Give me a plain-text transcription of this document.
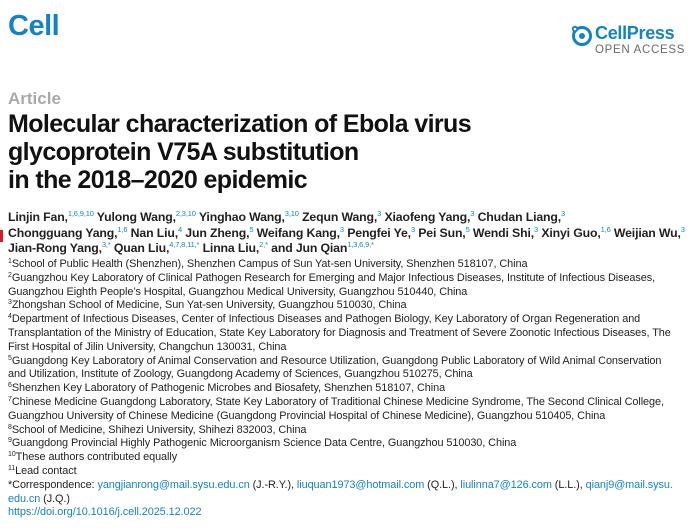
Cell	CellPress
OPEN ACCESS
Article
Molecular characterization of Ebola virus
glycoprotein V75A substitution
in the 2018–2020 epidemic
Linjin Fan,$^{1,6,9,10}$ Yulong Wang,$^{2,3,10}$ Yinghao Wang,$^{3,10}$ Zequn Wang,$^3$ Xiaofeng Yang,$^3$ Chudan Liang,$^3$
Chongguang Yang,$^{1,6}$ Nan Liu,$^4$ Jun Zheng,$^5$ Weifang Kang,$^3$ Pengfei Ye,$^3$ Pei Sun,$^5$ Wendi Shi,$^3$ Xinyi Guo,$^{1,6}$ Weijian Wu,$^3$
Jian-Rong Yang,$^{3,*}$ Quan Liu,$^{4,7,8,11,*}$ Linna Liu,$^{2,*}$ and Jun Qian$^{1,3,6,9,*}$
$^1$School of Public Health (Shenzhen), Shenzhen Campus of Sun Yat-sen University, Shenzhen 518107, China
$^2$Guangzhou Key Laboratory of Clinical Pathogen Research for Emerging and Major Infectious Diseases, Institute of Infectious Diseases,
Guangzhou Eighth People’s Hospital, Guangzhou Medical University, Guangzhou 510440, China
$^3$Zhongshan School of Medicine, Sun Yat-sen University, Guangzhou 510030, China
$^4$Department of Infectious Diseases, Center of Infectious Diseases and Pathogen Biology, Key Laboratory of Organ Regeneration and
Transplantation of the Ministry of Education, State Key Laboratory for Diagnosis and Treatment of Severe Zoonotic Infectious Diseases, The
First Hospital of Jilin University, Changchun 130031, China
$^5$Guangdong Key Laboratory of Animal Conservation and Resource Utilization, Guangdong Public Laboratory of Wild Animal Conservation
and Utilization, Institute of Zoology, Guangdong Academy of Sciences, Guangzhou 510275, China
$^6$Shenzhen Key Laboratory of Pathogenic Microbes and Biosafety, Shenzhen 518107, China
$^7$Chinese Medicine Guangdong Laboratory, State Key Laboratory of Traditional Chinese Medicine Syndrome, The Second Clinical College,
Guangzhou University of Chinese Medicine (Guangdong Provincial Hospital of Chinese Medicine), Guangzhou 510405, China
$^8$School of Medicine, Shihezi University, Shihezi 832003, China
$^9$Guangdong Provincial Highly Pathogenic Microorganism Science Data Centre, Guangzhou 510030, China
$^{10}$These authors contributed equally
$^{11}$Lead contact
*Correspondence: yangjianrong@mail.sysu.edu.cn (J.-R.Y.), liuquan1973@hotmail.com (Q.L.), liulinna7@126.com (L.L.), qianj9@mail.sysu.
edu.cn (J.Q.)
https://doi.org/10.1016/j.cell.2025.12.022
